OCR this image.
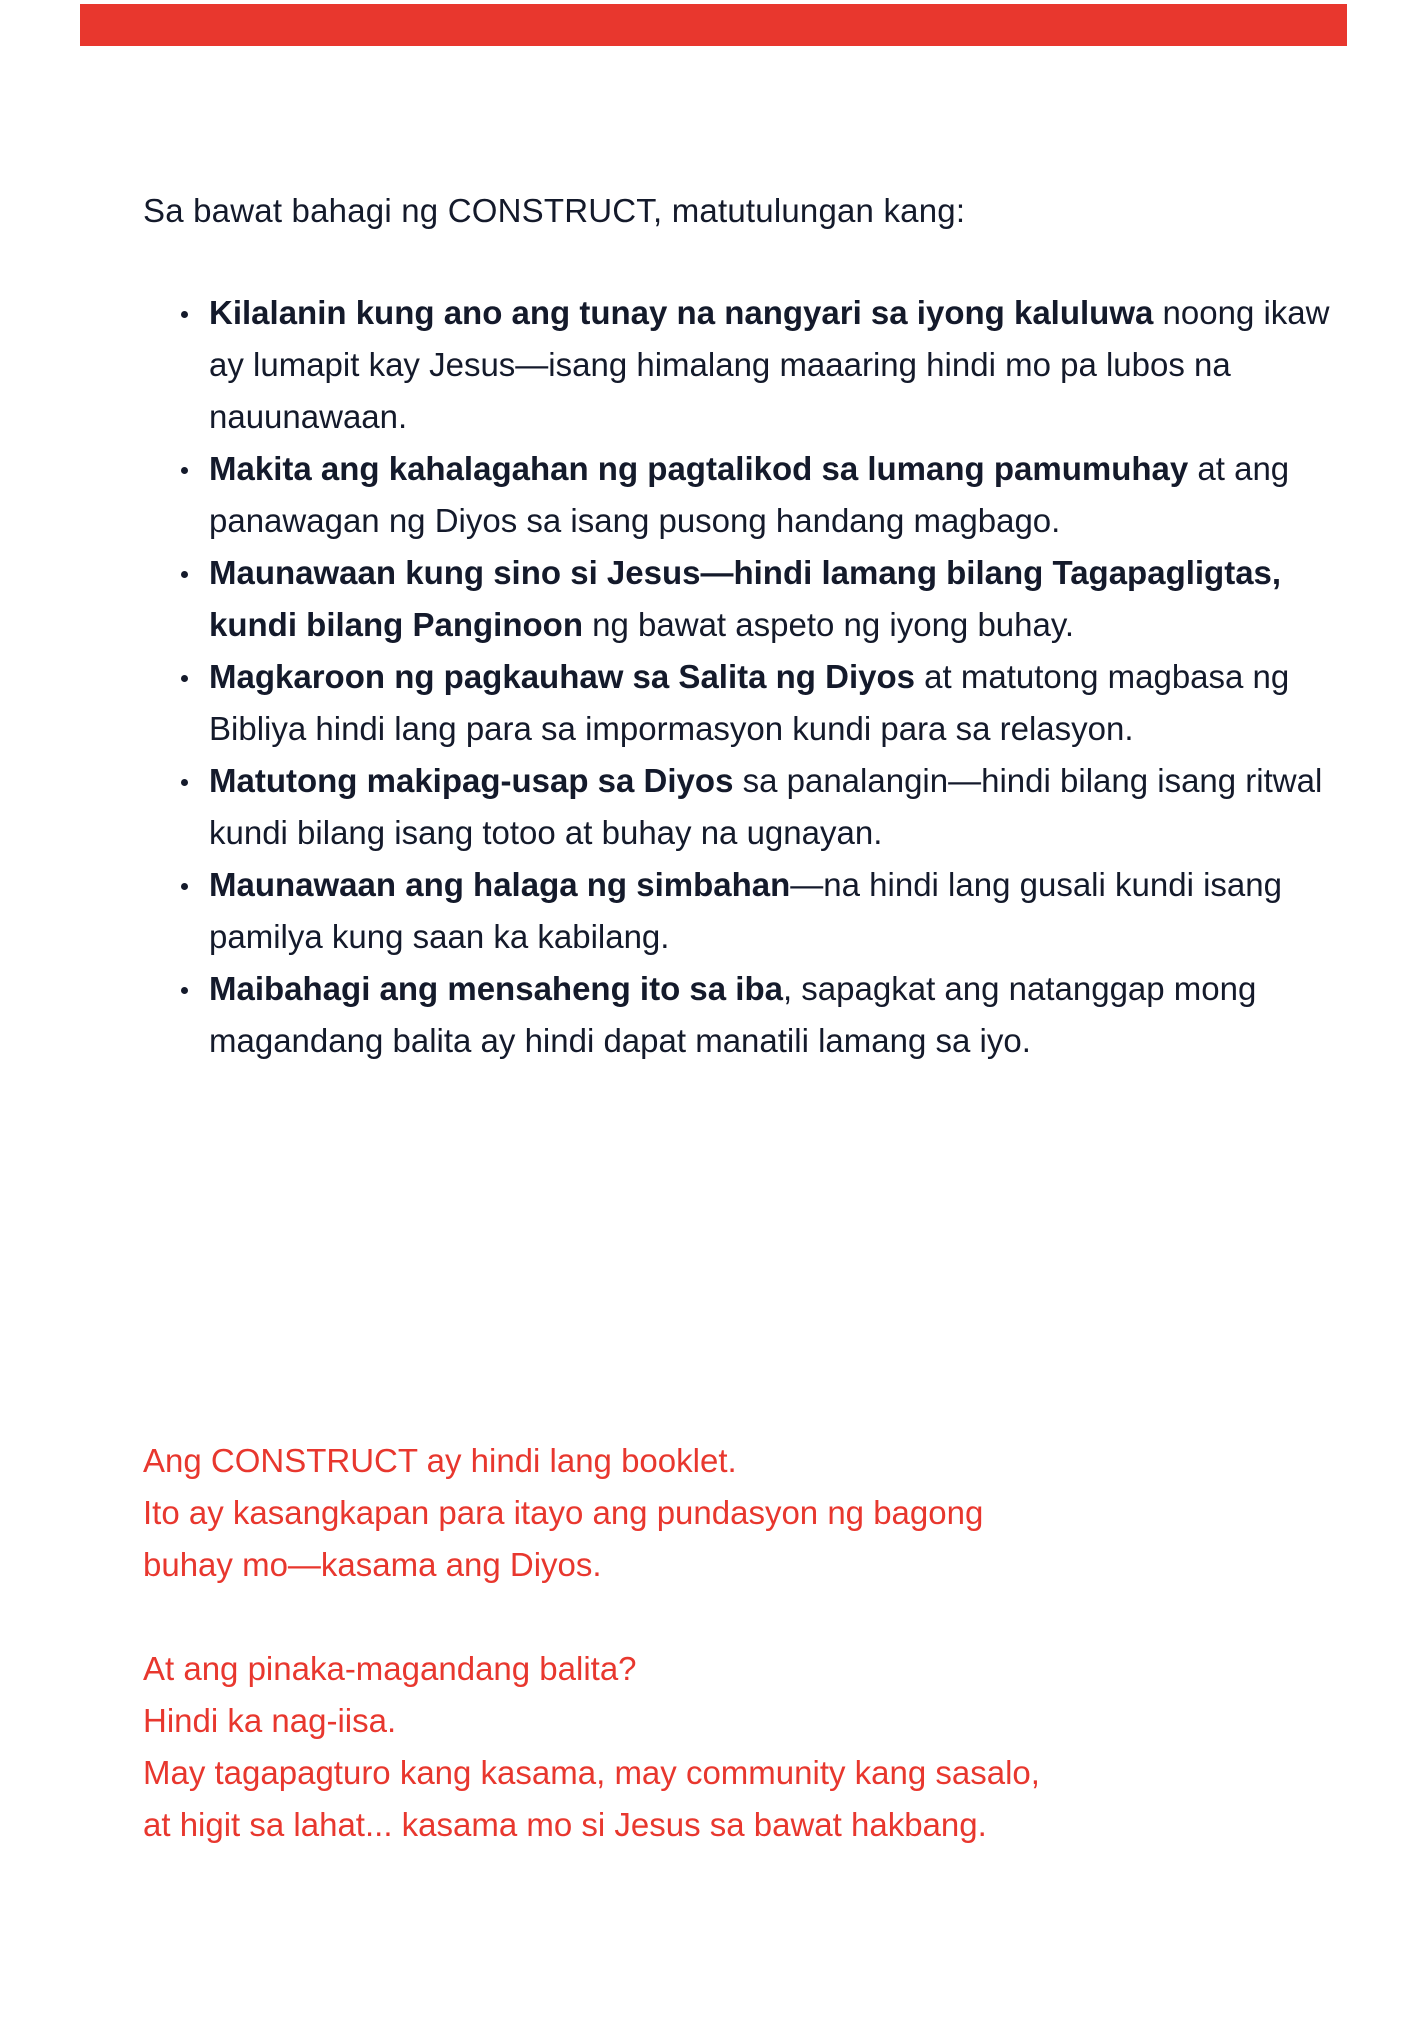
Sa bawat bahagi ng CONSTRUCT, matutulungan kang:

Kilalanin kung ano ang tunay na nangyari sa iyong kaluluwa noong ikaw ay lumapit kay Jesus—isang himalang maaaring hindi mo pa lubos na nauunawaan.
Makita ang kahalagahan ng pagtalikod sa lumang pamumuhay at ang panawagan ng Diyos sa isang pusong handang magbago.
Maunawaan kung sino si Jesus—hindi lamang bilang Tagapagligtas, kundi bilang Panginoon ng bawat aspeto ng iyong buhay.
Magkaroon ng pagkauhaw sa Salita ng Diyos at matutong magbasa ng Bibliya hindi lang para sa impormasyon kundi para sa relasyon.
Matutong makipag-usap sa Diyos sa panalangin—hindi bilang isang ritwal kundi bilang isang totoo at buhay na ugnayan.
Maunawaan ang halaga ng simbahan—na hindi lang gusali kundi isang pamilya kung saan ka kabilang.
Maibahagi ang mensaheng ito sa iba, sapagkat ang natanggap mong magandang balita ay hindi dapat manatili lamang sa iyo.
Ang CONSTRUCT ay hindi lang booklet.
Ito ay kasangkapan para itayo ang pundasyon ng bagong
buhay mo—kasama ang Diyos.
At ang pinaka-magandang balita?
Hindi ka nag-iisa.
May tagapagturo kang kasama, may community kang sasalo,
at higit sa lahat... kasama mo si Jesus sa bawat hakbang.
